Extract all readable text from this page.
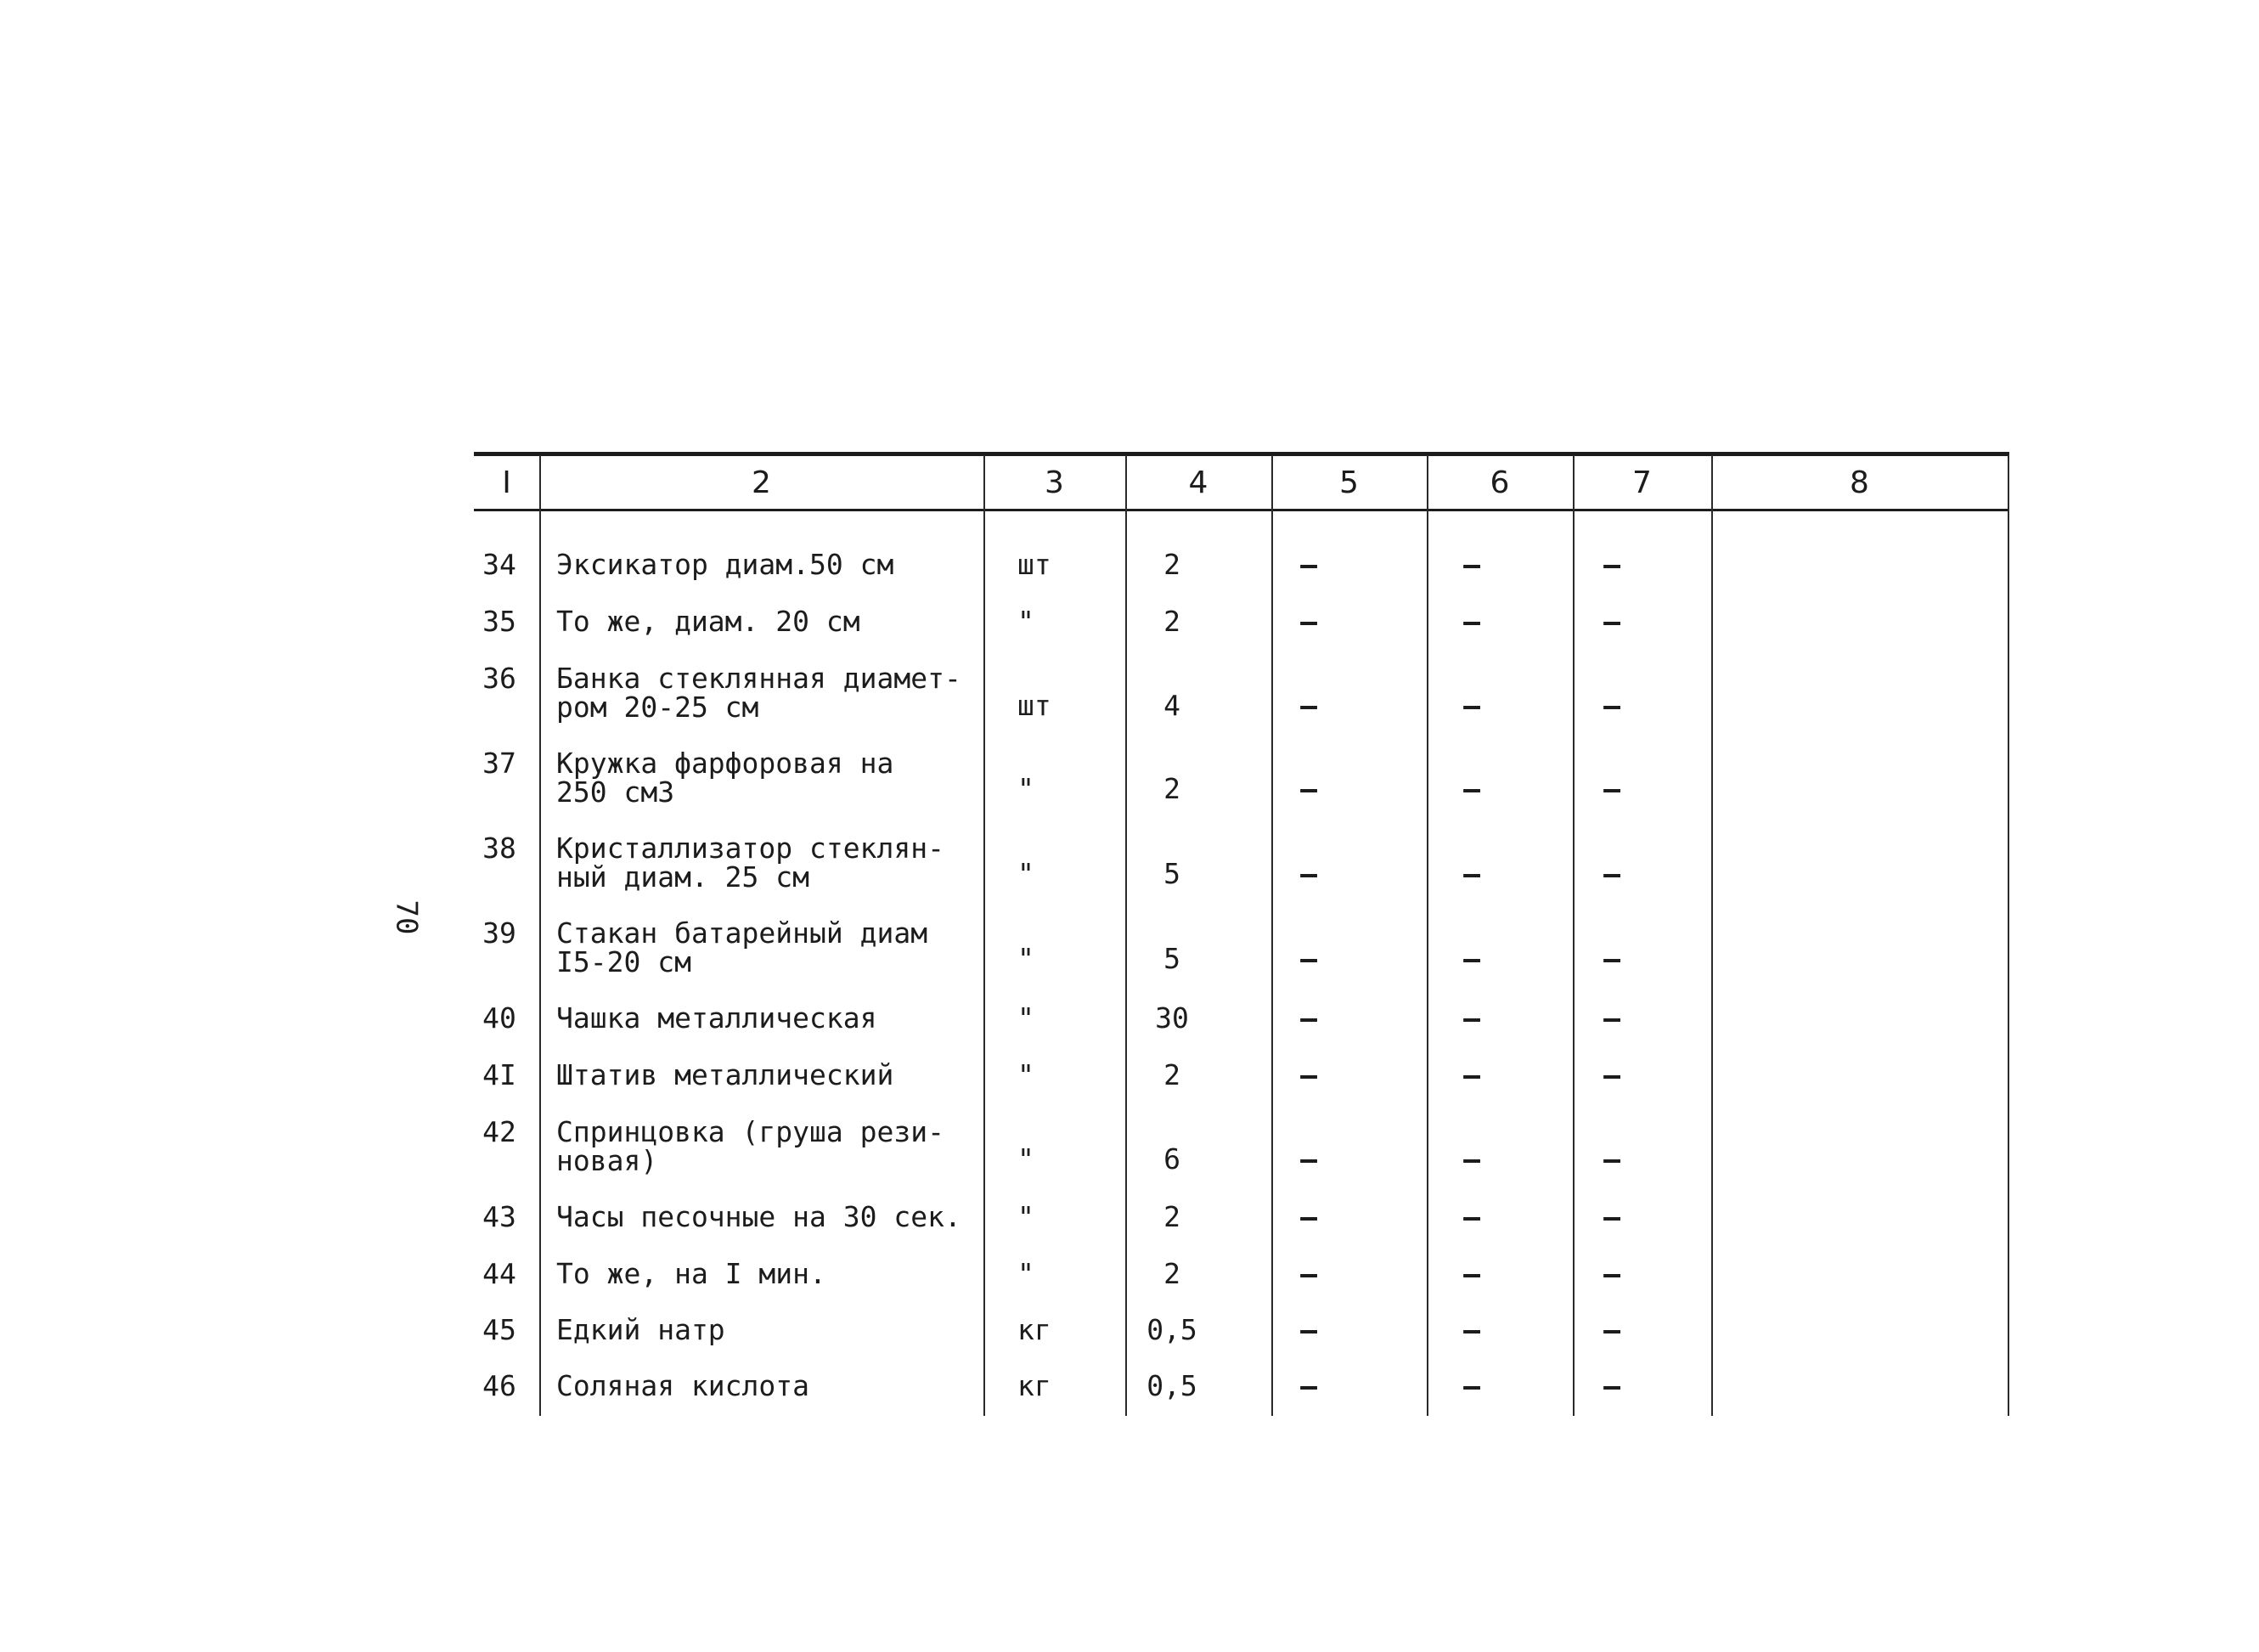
70
I	2	3	4	5	6	7	8
34	Эксикатор диам.50 см	шт	2	–	–	–
35	То же, диам. 20 см	"	2	–	–	–
36	Банка стеклянная диамет-
ром 20-25 см	шт	4	–	–	–
37	Кружка фарфоровая на
250 см3	"	2	–	–	–
38	Кристаллизатор стеклян-
ный диам. 25 см	"	5	–	–	–
39	Стакан батарейный диам
I5-20 см	"	5	–	–	–
40	Чашка металлическая	"	30	–	–	–
4I	Штатив металлический	"	2	–	–	–
42	Спринцовка (груша рези-
новая)	"	6	–	–	–
43	Часы песочные на 30 сек.	"	2	–	–	–
44	То же, на I мин.	"	2	–	–	–
45	Едкий натр	кг	0,5	–	–	–
46	Соляная кислота	кг	0,5	–	–	–
